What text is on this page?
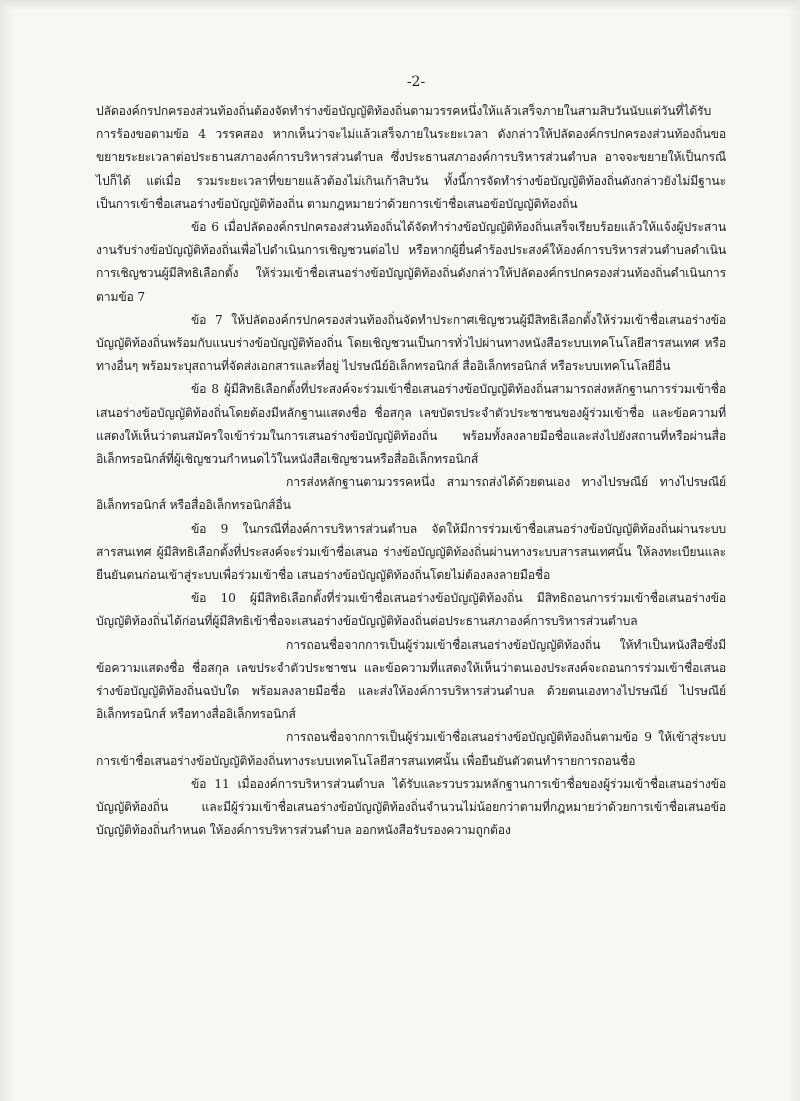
-2-

ปลัดองค์กรปกครองส่วนท้องถิ่นต้องจัดทำร่างข้อบัญญัติท้องถิ่นตามวรรคหนึ่งให้แล้วเสร็จภายในสามสิบวันนับแต่วันที่ได้รับการร้องขอตามข้อ 4 วรรคสอง หากเห็นว่าจะไม่แล้วเสร็จภายในระยะเวลา ดังกล่าวให้ปลัดองค์กรปกครองส่วนท้องถิ่นขอขยายระยะเวลาต่อประธานสภาองค์การบริหารส่วนตำบล ซึ่งประธานสภาองค์การบริหารส่วนตำบล อาจจะขยายให้เป็นกรณีไปก็ได้ แต่เมื่อ รวมระยะเวลาที่ขยายแล้วต้องไม่เกินเก้าสิบวัน ทั้งนี้การจัดทำร่างข้อบัญญัติท้องถิ่นดังกล่าวยังไม่มีฐานะเป็นการเข้าชื่อเสนอร่างข้อบัญญัติท้องถิ่น ตามกฎหมายว่าด้วยการเข้าชื่อเสนอข้อบัญญัติท้องถิ่น

ข้อ 6 เมื่อปลัดองค์กรปกครองส่วนท้องถิ่นได้จัดทำร่างข้อบัญญัติท้องถิ่นเสร็จเรียบร้อยแล้วให้แจ้งผู้ประสานงานรับร่างข้อบัญญัติท้องถิ่นเพื่อไปดำเนินการเชิญชวนต่อไป หรือหากผู้ยื่นคำร้องประสงค์ให้องค์การบริหารส่วนตำบลดำเนินการเชิญชวนผู้มีสิทธิเลือกตั้ง ให้ร่วมเข้าชื่อเสนอร่างข้อบัญญัติท้องถิ่นดังกล่าวให้ปลัดองค์กรปกครองส่วนท้องถิ่นดำเนินการตามข้อ 7

ข้อ 7 ให้ปลัดองค์กรปกครองส่วนท้องถิ่นจัดทำประกาศเชิญชวนผู้มีสิทธิเลือกตั้งให้ร่วมเข้าชื่อเสนอร่างข้อบัญญัติท้องถิ่นพร้อมกับแนบร่างข้อบัญญัติท้องถิ่น โดยเชิญชวนเป็นการทั่วไปผ่านทางหนังสือระบบเทคโนโลยีสารสนเทศ หรือทางอื่นๆ พร้อมระบุสถานที่จัดส่งเอกสารและที่อยู่ ไปรษณีย์อิเล็กทรอนิกส์ สื่ออิเล็กทรอนิกส์ หรือระบบเทคโนโลยีอื่น

ข้อ 8 ผู้มีสิทธิเลือกตั้งที่ประสงค์จะร่วมเข้าชื่อเสนอร่างข้อบัญญัติท้องถิ่นสามารถส่งหลักฐานการร่วมเข้าชื่อเสนอร่างข้อบัญญัติท้องถิ่นโดยต้องมีหลักฐานแสดงชื่อ ชื่อสกุล เลขบัตรประจำตัวประชาชนของผู้ร่วมเข้าชื่อ และข้อความที่แสดงให้เห็นว่าตนสมัครใจเข้าร่วมในการเสนอร่างข้อบัญญัติท้องถิ่น พร้อมทั้งลงลายมือชื่อและส่งไปยังสถานที่หรือผ่านสื่ออิเล็กทรอนิกส์ที่ผู้เชิญชวนกำหนดไว้ในหนังสือเชิญชวนหรือสื่ออิเล็กทรอนิกส์

การส่งหลักฐานตามวรรคหนึ่ง สามารถส่งได้ด้วยตนเอง ทางไปรษณีย์ ทางไปรษณีย์อิเล็กทรอนิกส์ หรือสื่ออิเล็กทรอนิกส์อื่น

ข้อ 9 ในกรณีที่องค์การบริหารส่วนตำบล จัดให้มีการร่วมเข้าชื่อเสนอร่างข้อบัญญัติท้องถิ่นผ่านระบบสารสนเทศ ผู้มีสิทธิเลือกตั้งที่ประสงค์จะร่วมเข้าชื่อเสนอ ร่างข้อบัญญัติท้องถิ่นผ่านทางระบบสารสนเทศนั้น ให้ลงทะเบียนและยืนยันตนก่อนเข้าสู่ระบบเพื่อร่วมเข้าชื่อ เสนอร่างข้อบัญญัติท้องถิ่นโดยไม่ต้องลงลายมือชื่อ

ข้อ 10 ผู้มีสิทธิเลือกตั้งที่ร่วมเข้าชื่อเสนอร่างข้อบัญญัติท้องถิ่น มีสิทธิถอนการร่วมเข้าชื่อเสนอร่างข้อบัญญัติท้องถิ่นได้ก่อนที่ผู้มีสิทธิเข้าชื่อจะเสนอร่างข้อบัญญัติท้องถิ่นต่อประธานสภาองค์การบริหารส่วนตำบล

การถอนชื่อจากการเป็นผู้ร่วมเข้าชื่อเสนอร่างข้อบัญญัติท้องถิ่น ให้ทำเป็นหนังสือซึ่งมีข้อความแสดงชื่อ ชื่อสกุล เลขประจำตัวประชาชน และข้อความที่แสดงให้เห็นว่าตนเองประสงค์จะถอนการร่วมเข้าชื่อเสนอร่างข้อบัญญัติท้องถิ่นฉบับใด พร้อมลงลายมือชื่อ และส่งให้องค์การบริหารส่วนตำบล ด้วยตนเองทางไปรษณีย์ ไปรษณีย์อิเล็กทรอนิกส์ หรือทางสื่ออิเล็กทรอนิกส์

การถอนชื่อจากการเป็นผู้ร่วมเข้าชื่อเสนอร่างข้อบัญญัติท้องถิ่นตามข้อ 9 ให้เข้าสู่ระบบการเข้าชื่อเสนอร่างข้อบัญญัติท้องถิ่นทางระบบเทคโนโลยีสารสนเทศนั้น เพื่อยืนยันตัวตนทำรายการถอนชื่อ

ข้อ 11 เมื่อองค์การบริหารส่วนตำบล ได้รับและรวบรวมหลักฐานการเข้าชื่อของผู้ร่วมเข้าชื่อเสนอร่างข้อบัญญัติท้องถิ่น และมีผู้ร่วมเข้าชื่อเสนอร่างข้อบัญญัติท้องถิ่นจำนวนไม่น้อยกว่าตามที่กฎหมายว่าด้วยการเข้าชื่อเสนอข้อบัญญัติท้องถิ่นกำหนด ให้องค์การบริหารส่วนตำบล ออกหนังสือรับรองความถูกต้อง
